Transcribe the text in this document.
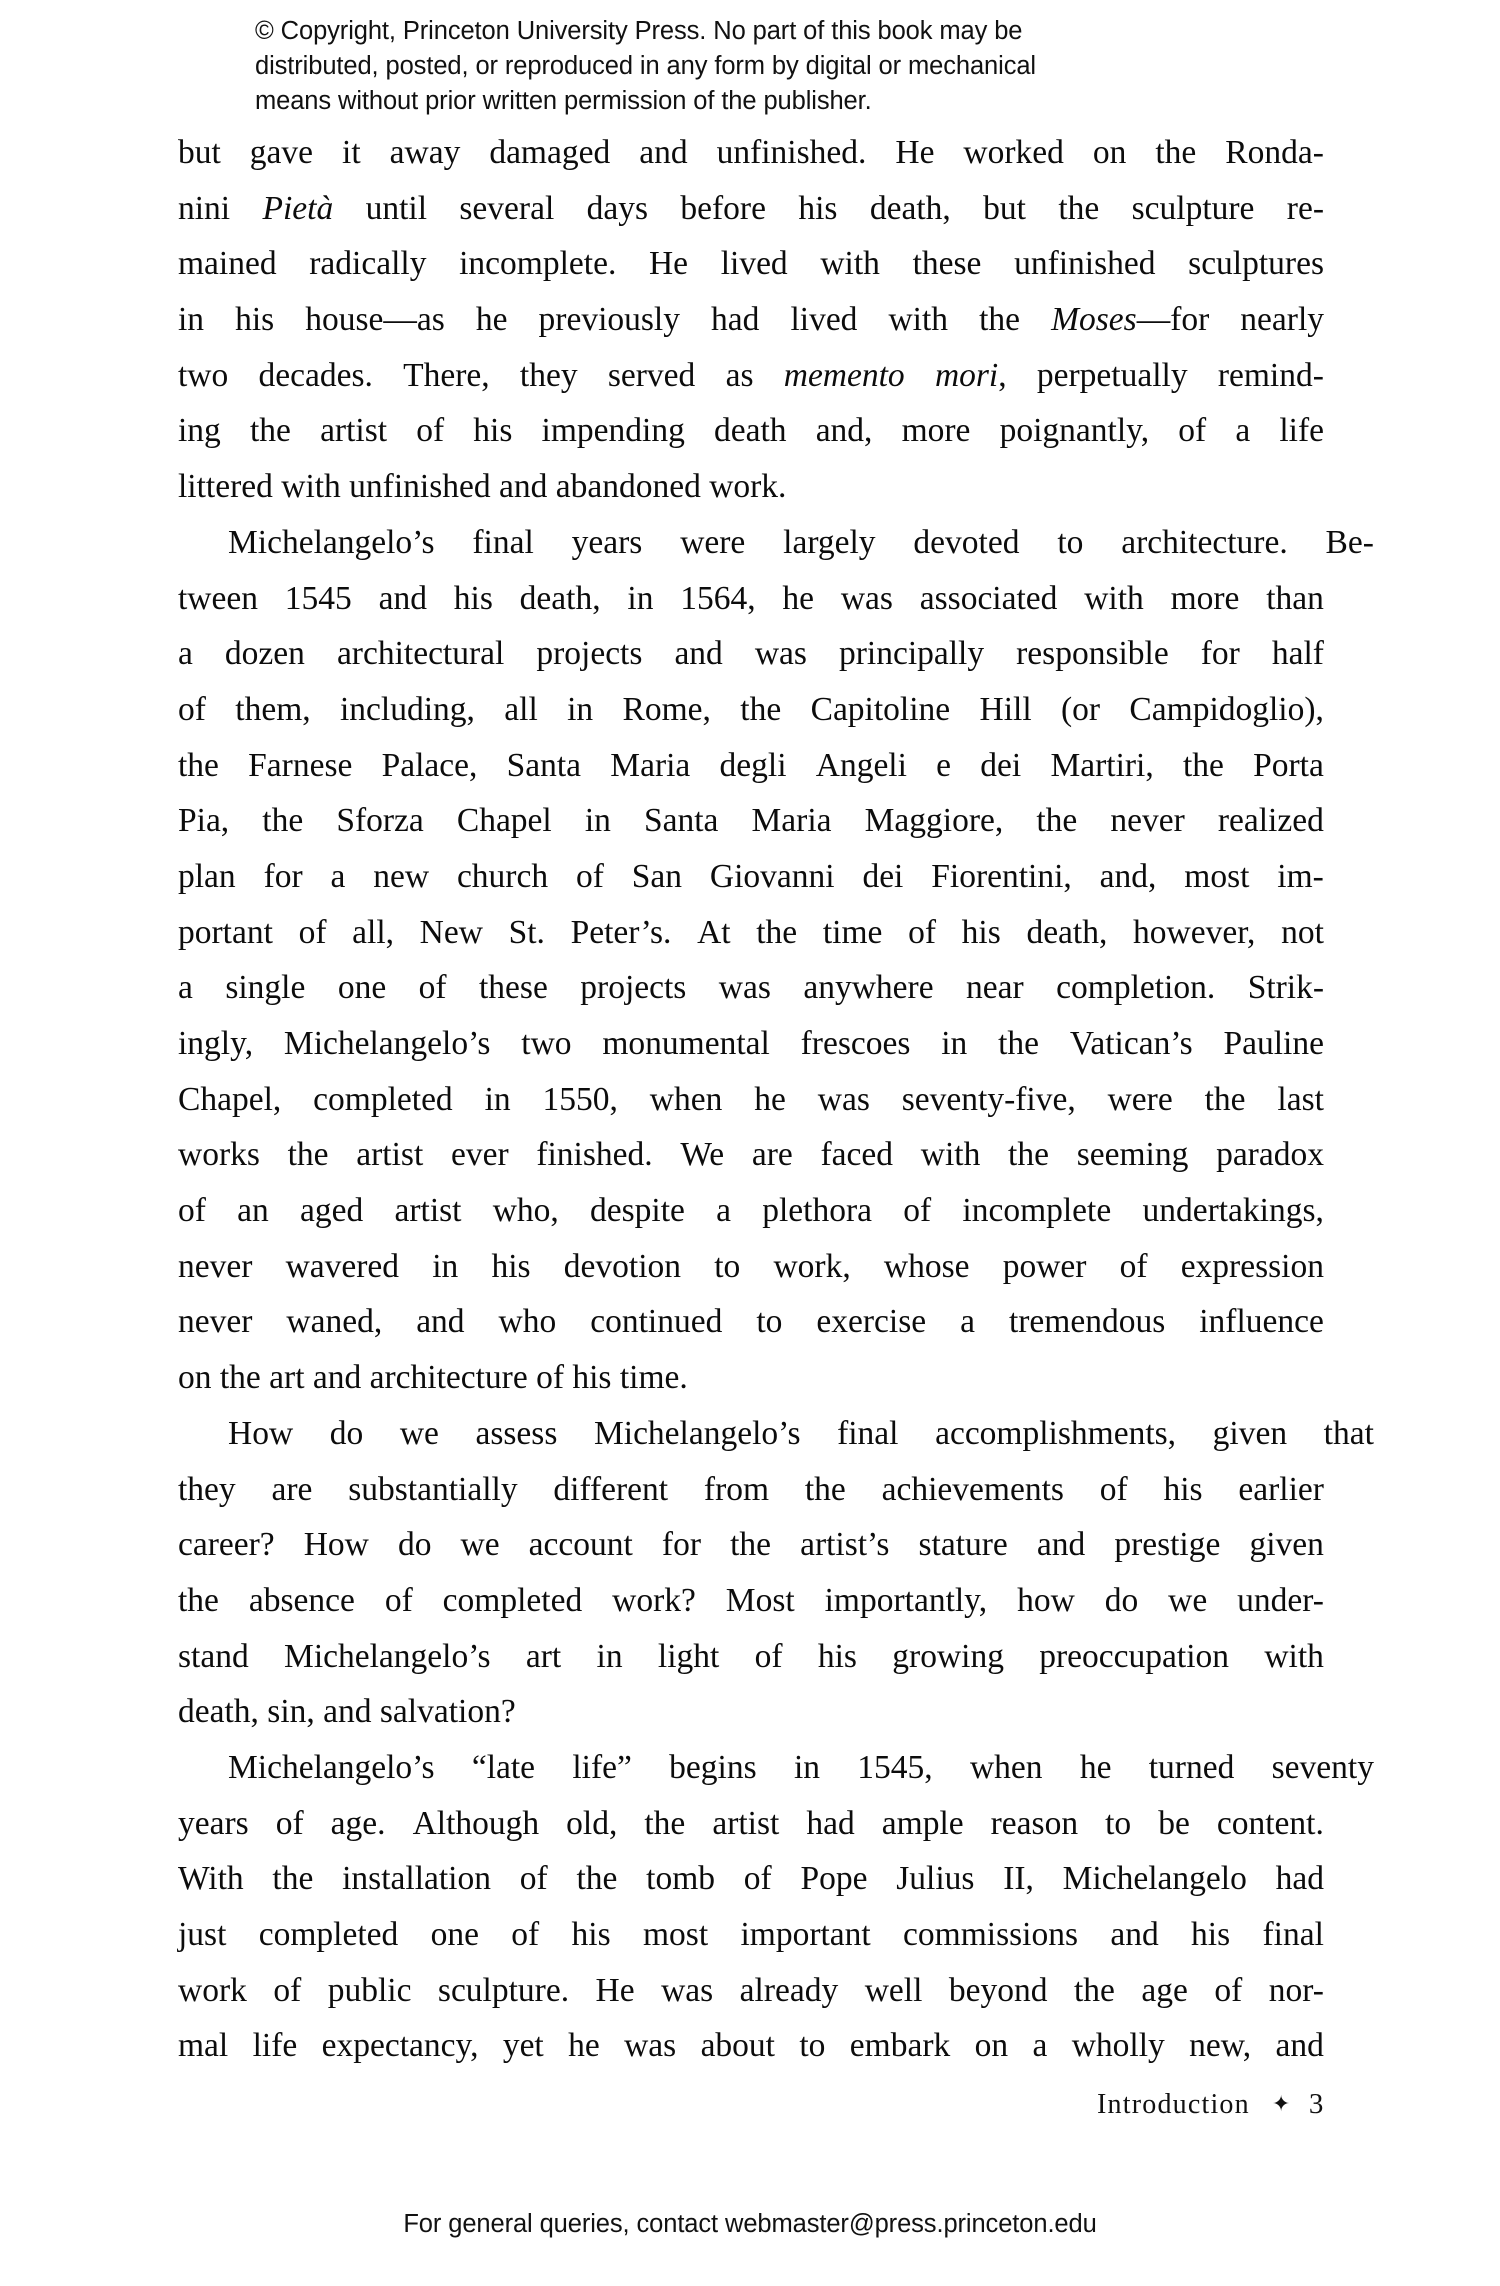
© Copyright, Princeton University Press. No part of this book may be
distributed, posted, or reproduced in any form by digital or mechanical
means without prior written permission of the publisher.
but gave it away damaged and unfinished. He worked on the Ronda-
nini Pietà until several days before his death, but the sculpture re-
mained radically incomplete. He lived with these unfinished sculptures
in his house—as he previously had lived with the Moses—for nearly
two decades. There, they served as memento mori, perpetually remind-
ing the artist of his impending death and, more poignantly, of a life
littered with unfinished and abandoned work.
Michelangelo’s final years were largely devoted to architecture. Be-
tween 1545 and his death, in 1564, he was associated with more than
a dozen architectural projects and was principally responsible for half
of them, including, all in Rome, the Capitoline Hill (or Campidoglio),
the Farnese Palace, Santa Maria degli Angeli e dei Martiri, the Porta
Pia, the Sforza Chapel in Santa Maria Maggiore, the never realized
plan for a new church of San Giovanni dei Fiorentini, and, most im-
portant of all, New St. Peter’s. At the time of his death, however, not
a single one of these projects was anywhere near completion. Strik-
ingly, Michelangelo’s two monumental frescoes in the Vatican’s Pauline
Chapel, completed in 1550, when he was seventy-five, were the last
works the artist ever finished. We are faced with the seeming paradox
of an aged artist who, despite a plethora of incomplete undertakings,
never wavered in his devotion to work, whose power of expression
never waned, and who continued to exercise a tremendous influence
on the art and architecture of his time.
How do we assess Michelangelo’s final accomplishments, given that
they are substantially different from the achievements of his earlier
career? How do we account for the artist’s stature and prestige given
the absence of completed work? Most importantly, how do we under-
stand Michelangelo’s art in light of his growing preoccupation with
death, sin, and salvation?
Michelangelo’s “late life” begins in 1545, when he turned seventy
years of age. Although old, the artist had ample reason to be content.
With the installation of the tomb of Pope Julius II, Michelangelo had
just completed one of his most important commissions and his final
work of public sculpture. He was already well beyond the age of nor-
mal life expectancy, yet he was about to embark on a wholly new, and
Introduction ✦ 3
For general queries, contact webmaster@press.princeton.edu
